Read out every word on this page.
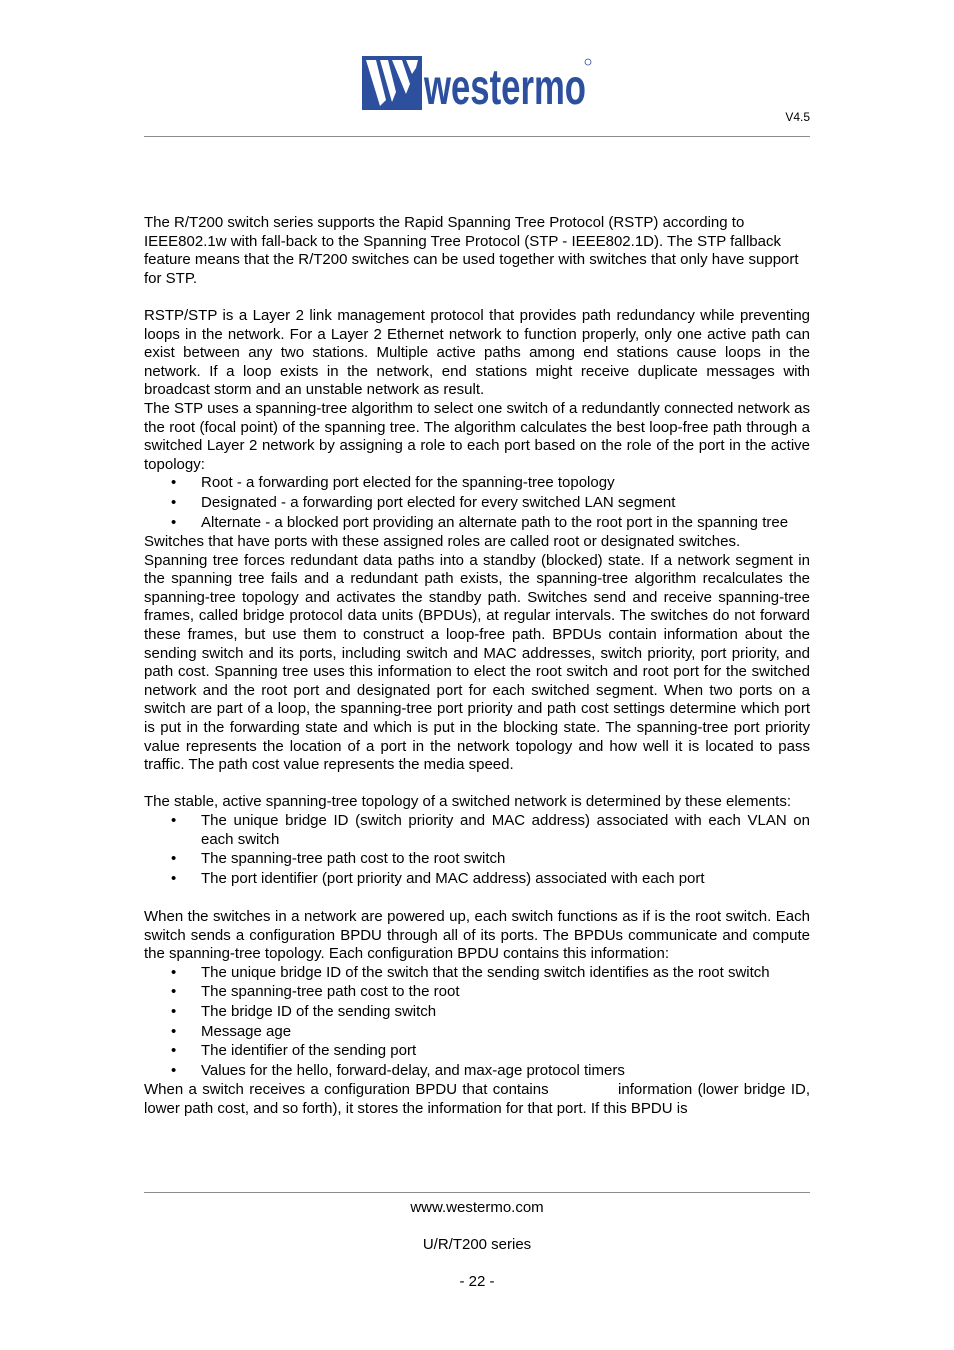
westermo
V4.5

The R/T200 switch series supports the Rapid Spanning Tree Protocol (RSTP) according to IEEE802.1w with fall-back to the Spanning Tree Protocol (STP - IEEE802.1D). The STP fallback feature means that the R/T200 switches can be used together with switches that only have support for STP.

RSTP/STP is a Layer 2 link management protocol that provides path redundancy while preventing loops in the network. For a Layer 2 Ethernet network to function properly, only one active path can exist between any two stations. Multiple active paths among end stations cause loops in the network. If a loop exists in the network, end stations might receive duplicate messages with broadcast storm and an unstable network as result.

The STP uses a spanning-tree algorithm to select one switch of a redundantly connected network as the root (focal point) of the spanning tree. The algorithm calculates the best loop-free path through a switched Layer 2 network by assigning a role to each port based on the role of the port in the active topology:

• Root - a forwarding port elected for the spanning-tree topology
• Designated - a forwarding port elected for every switched LAN segment
• Alternate - a blocked port providing an alternate path to the root port in the spanning tree

Switches that have ports with these assigned roles are called root or designated switches.

Spanning tree forces redundant data paths into a standby (blocked) state. If a network segment in the spanning tree fails and a redundant path exists, the spanning-tree algorithm recalculates the spanning-tree topology and activates the standby path. Switches send and receive spanning-tree frames, called bridge protocol data units (BPDUs), at regular intervals. The switches do not forward these frames, but use them to construct a loop-free path. BPDUs contain information about the sending switch and its ports, including switch and MAC addresses, switch priority, port priority, and path cost. Spanning tree uses this information to elect the root switch and root port for the switched network and the root port and designated port for each switched segment. When two ports on a switch are part of a loop, the spanning-tree port priority and path cost settings determine which port is put in the forwarding state and which is put in the blocking state. The spanning-tree port priority value represents the location of a port in the network topology and how well it is located to pass traffic. The path cost value represents the media speed.

The stable, active spanning-tree topology of a switched network is determined by these elements:

• The unique bridge ID (switch priority and MAC address) associated with each VLAN on each switch
• The spanning-tree path cost to the root switch
• The port identifier (port priority and MAC address) associated with each port

When the switches in a network are powered up, each switch functions as if is the root switch. Each switch sends a configuration BPDU through all of its ports. The BPDUs communicate and compute the spanning-tree topology. Each configuration BPDU contains this information:

• The unique bridge ID of the switch that the sending switch identifies as the root switch
• The spanning-tree path cost to the root
• The bridge ID of the sending switch
• Message age
• The identifier of the sending port
• Values for the hello, forward-delay, and max-age protocol timers

When a switch receives a configuration BPDU that contains             information (lower bridge ID, lower path cost, and so forth), it stores the information for that port. If this BPDU is

www.westermo.com
U/R/T200 series
- 22 -
